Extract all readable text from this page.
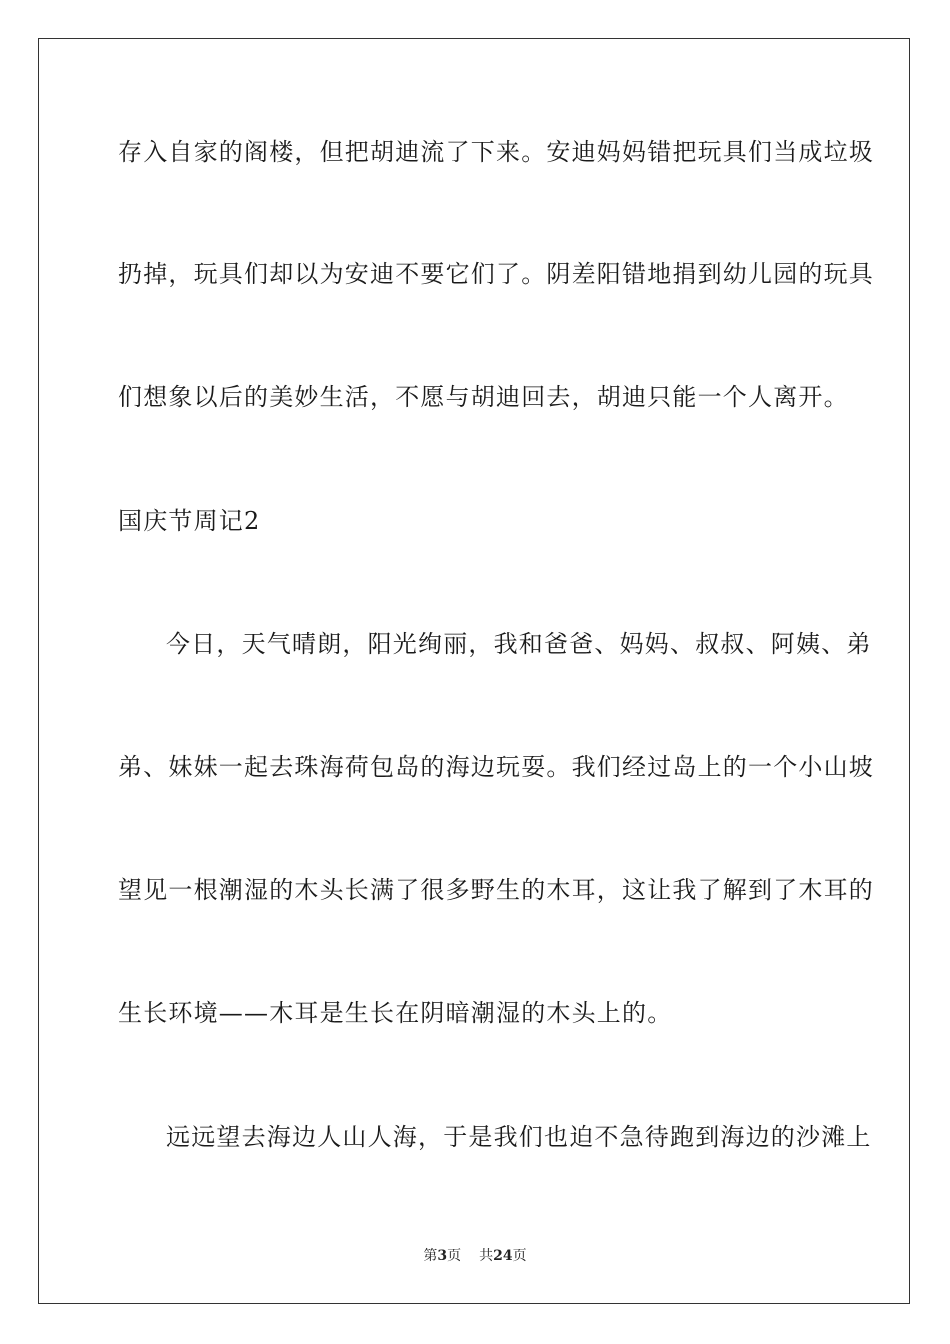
存入自家的阁楼，但把胡迪流了下来。安迪妈妈错把玩具们当成垃圾
扔掉，玩具们却以为安迪不要它们了。阴差阳错地捐到幼儿园的玩具
们想象以后的美妙生活，不愿与胡迪回去，胡迪只能一个人离开。
国庆节周记2
今日，天气晴朗，阳光绚丽，我和爸爸、妈妈、叔叔、阿姨、弟
弟、妹妹一起去珠海荷包岛的海边玩耍。我们经过岛上的一个小山坡
望见一根潮湿的木头长满了很多野生的木耳，这让我了解到了木耳的
生长环境——木耳是生长在阴暗潮湿的木头上的。
远远望去海边人山人海，于是我们也迫不急待跑到海边的沙滩上
第3页 共24页
